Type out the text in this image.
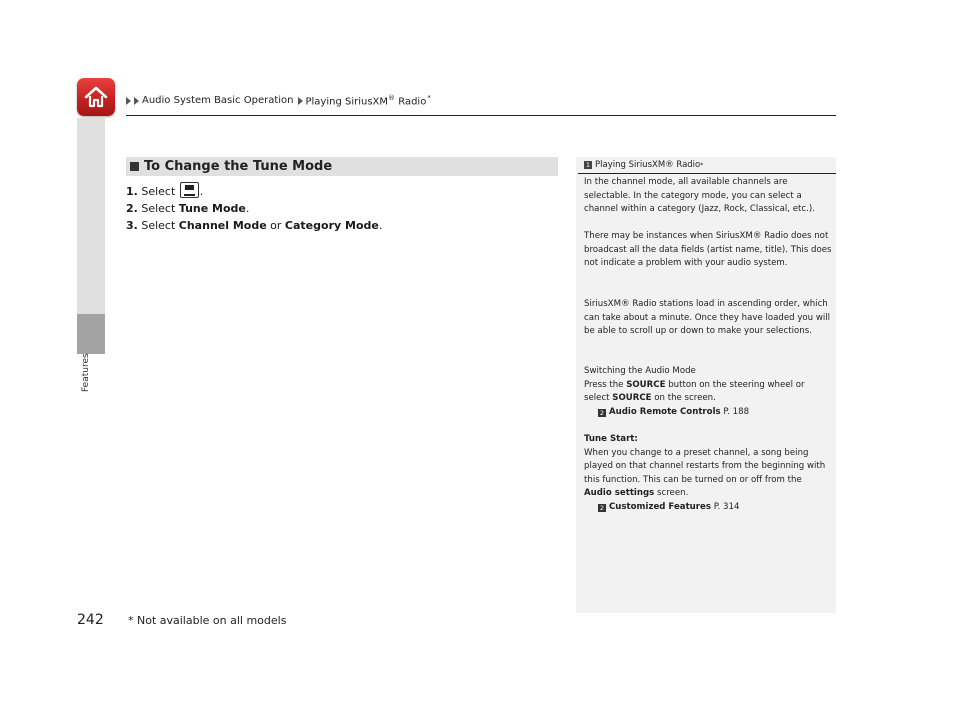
Audio System Basic Operation Playing SiriusXM® Radio*
Features
To Change the Tune Mode
1. Select
.
2. Select Tune Mode.
3. Select Channel Mode or Category Mode.
1 Playing SiriusXM® Radio *
In the channel mode, all available channels are selectable. In the category mode, you can select a channel within a category (Jazz, Rock, Classical, etc.).
There may be instances when SiriusXM® Radio does not broadcast all the data fields (artist name, title). This does not indicate a problem with your audio system.
SiriusXM® Radio stations load in ascending order, which can take about a minute. Once they have loaded you will be able to scroll up or down to make your selections.
Switching the Audio Mode
Press the SOURCE button on the steering wheel or select SOURCE on the screen.
2 Audio Remote Controls P. 188
Tune Start:
When you change to a preset channel, a song being played on that channel restarts from the beginning with this function. This can be turned on or off from the Audio settings screen.
2 Customized Features P. 314
242 * Not available on all models
